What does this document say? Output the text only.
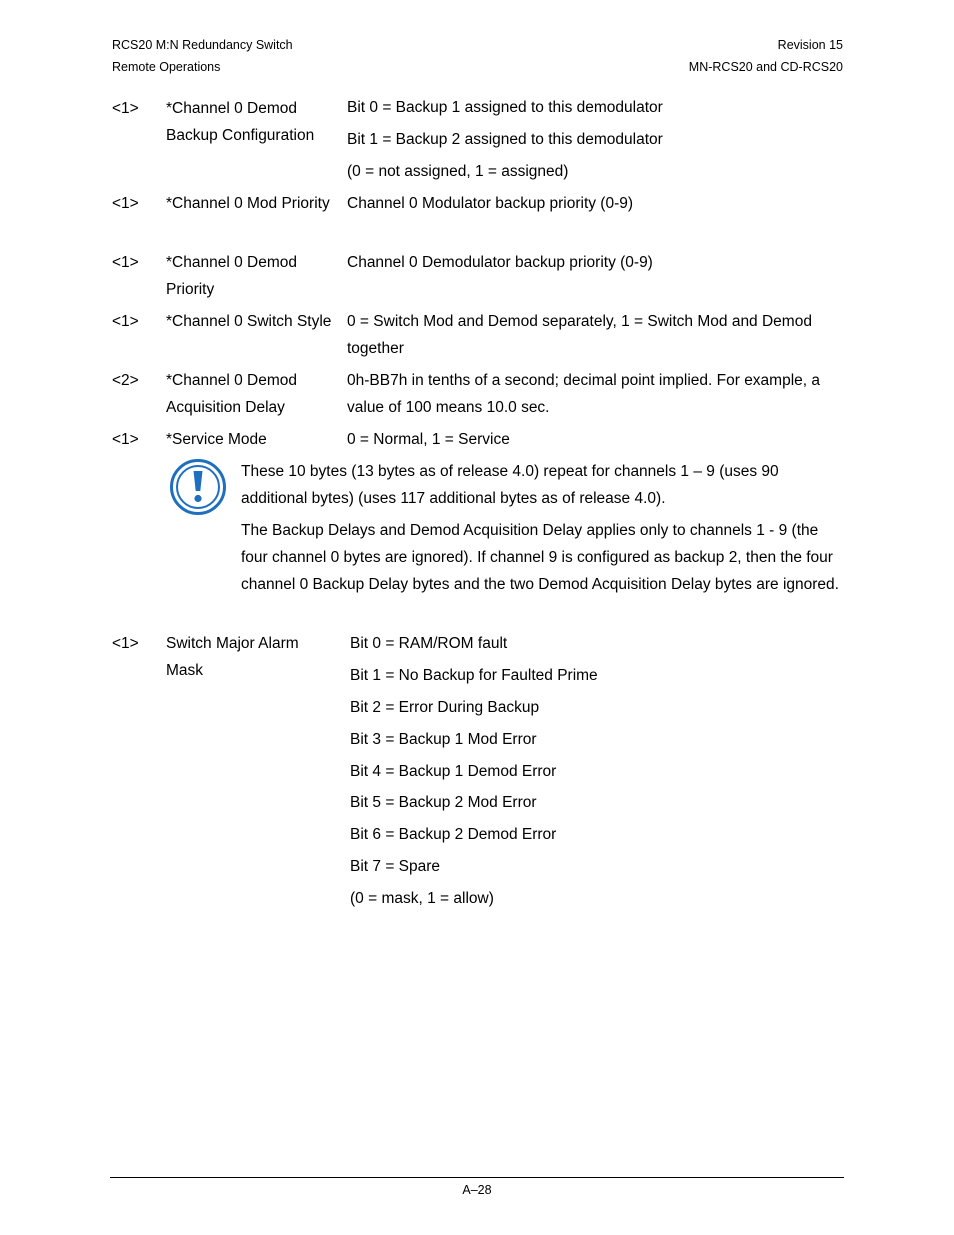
RCS20 M:N Redundancy Switch
Remote Operations
Revision 15
MN-RCS20 and CD-RCS20
<1> *Channel 0 Demod Backup Configuration
Bit 0 = Backup 1 assigned to this demodulator
Bit 1 = Backup 2 assigned to this demodulator
(0 = not assigned, 1 = assigned)
<1> *Channel 0 Mod Priority	Channel 0 Modulator backup priority (0-9)
<1> *Channel 0 Demod Priority
Channel 0 Demodulator backup priority (0-9)
<1> *Channel 0 Switch Style 0 = Switch Mod and Demod separately, 1 = Switch Mod and Demod together
<2> *Channel 0 Demod Acquisition Delay
0h-BB7h in tenths of a second; decimal point implied. For example, a value of 100 means 10.0 sec.
<1> *Service Mode	0 = Normal, 1 = Service

These 10 bytes (13 bytes as of release 4.0) repeat for channels 1 – 9 (uses 90 additional bytes) (uses 117 additional bytes as of release 4.0).

The Backup Delays and Demod Acquisition Delay applies only to channels 1 - 9 (the four channel 0 bytes are ignored). If channel 9 is configured as backup 2, then the four channel 0 Backup Delay bytes and the two Demod Acquisition Delay bytes are ignored.

<1> Switch Major Alarm Mask
Bit 0 = RAM/ROM fault
Bit 1 = No Backup for Faulted Prime
Bit 2 = Error During Backup
Bit 3 = Backup 1 Mod Error
Bit 4 = Backup 1 Demod Error
Bit 5 = Backup 2 Mod Error
Bit 6 = Backup 2 Demod Error
Bit 7 = Spare
(0 = mask, 1 = allow)
A–28
